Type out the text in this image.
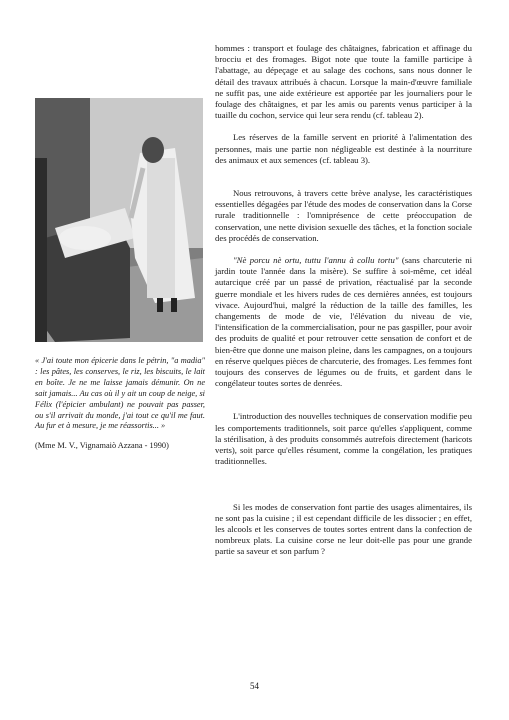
« J'ai toute mon épicerie dans le pétrin, "a madia" : les pâtes, les conserves, le riz, les biscuits, le lait en boîte. Je ne me laisse jamais démunir. On ne sait jamais... Au cas où il y ait un coup de neige, si Félix (l'épicier ambulant) ne pouvait pas passer, ou s'il arrivait du monde, j'ai tout ce qu'il me faut. Au fur et à mesure, je me réassortis... »
(Mme M. V., Vignamaiò Azzana - 1990)

hommes : transport et foulage des châtaignes, fabrication et affinage du brocciu et des fromages. Bigot note que toute la famille participe à l'abattage, au dépeçage et au salage des cochons, sans nous donner le détail des travaux attribués à chacun. Lorsque la main-d'œuvre familiale ne suffit pas, une aide extérieure est apportée par les journaliers pour le foulage des châtaignes, et par les amis ou parents venus participer à la tuaille du cochon, service qui leur sera rendu (cf. tableau 2).

Les réserves de la famille servent en priorité à l'alimentation des personnes, mais une partie non négligeable est destinée à la nourriture des animaux et aux semences (cf. tableau 3).

Nous retrouvons, à travers cette brève analyse, les caractéristiques essentielles dégagées par l'étude des modes de conservation dans la Corse rurale traditionnelle : l'omniprésence de cette préoccupation de conservation, une nette division sexuelle des tâches, et la fonction sociale des procédés de conservation.

"Nè porcu nè ortu, tuttu l'annu à collu tortu" (sans charcuterie ni jardin toute l'année dans la misère). Se suffire à soi-même, cet idéal autarcique créé par un passé de privation, réactualisé par la seconde guerre mondiale et les hivers rudes de ces dernières années, est toujours vivace. Aujourd'hui, malgré la réduction de la taille des familles, les changements de mode de vie, l'élévation du niveau de vie, l'intensification de la commercialisation, pour ne pas gaspiller, pour avoir des produits de qualité et pour retrouver cette sensation de confort et de bien-être que donne une maison pleine, dans les campagnes, on a toujours en réserve quelques pièces de charcuterie, des fromages. Les femmes font toujours des conserves de légumes ou de fruits, et gardent dans le congélateur toutes sortes de denrées.

L'introduction des nouvelles techniques de conservation modifie peu les comportements traditionnels, soit parce qu'elles s'appliquent, comme la stérilisation, à des produits consommés autrefois directement (haricots verts), soit parce qu'elles résument, comme la congélation, les pratiques traditionnelles.

Si les modes de conservation font partie des usages alimentaires, ils ne sont pas la cuisine ; il est cependant difficile de les dissocier ; en effet, les alcools et les conserves de toutes sortes entrent dans la confection de nombreux plats. La cuisine corse ne leur doit-elle pas pour une grande partie sa saveur et son parfum ?

54
